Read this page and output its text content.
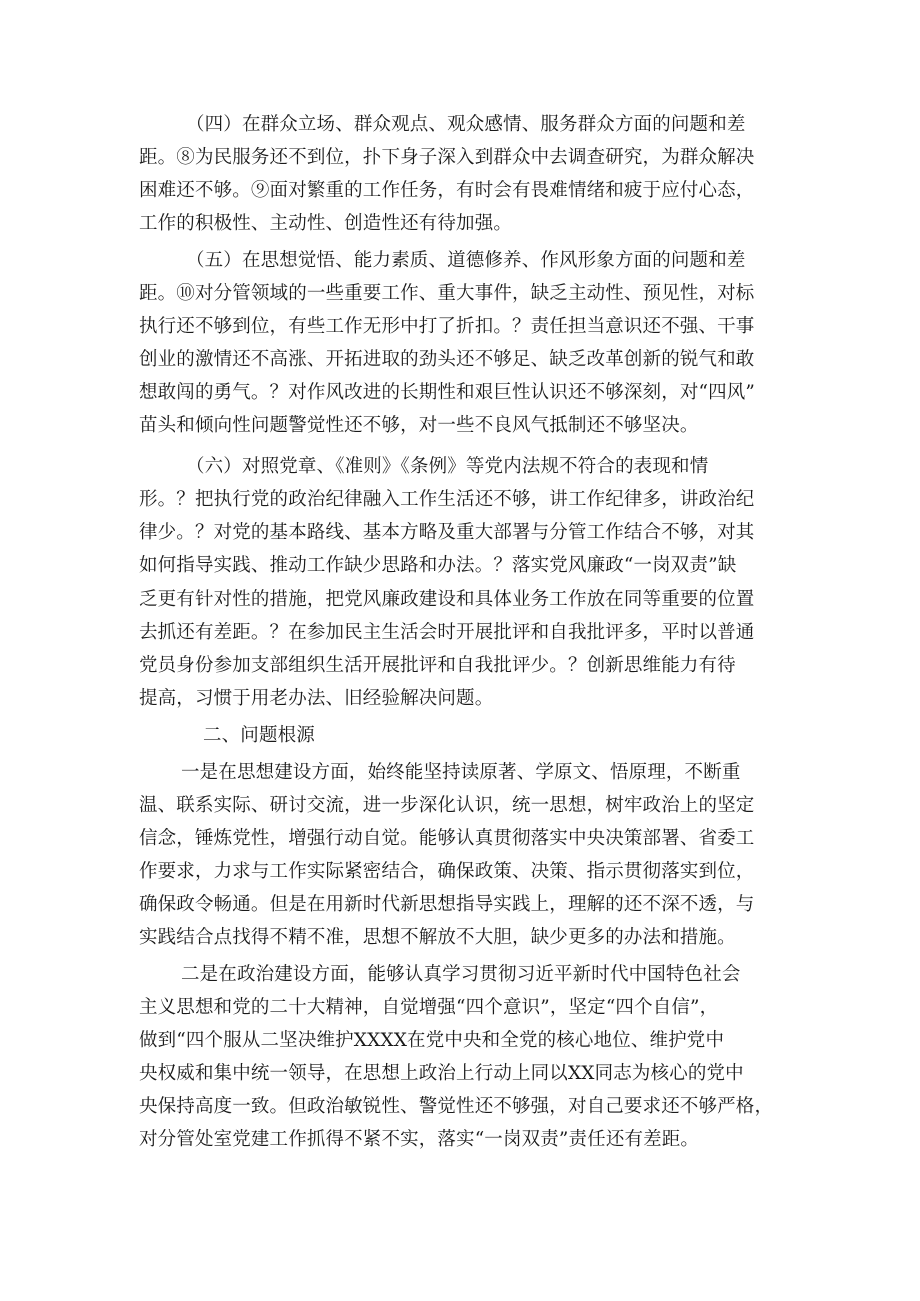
（四）在群众立场、群众观点、观众感情、服务群众方面的问题和差
距。⑧为民服务还不到位，扑下身子深入到群众中去调查研究，为群众解决
困难还不够。⑨面对繁重的工作任务，有时会有畏难情绪和疲于应付心态，
工作的积极性、主动性、创造性还有待加强。
（五）在思想觉悟、能力素质、道德修养、作风形象方面的问题和差
距。⑩对分管领域的一些重要工作、重大事件，缺乏主动性、预见性，对标
执行还不够到位，有些工作无形中打了折扣。？责任担当意识还不强、干事
创业的激情还不高涨、开拓进取的劲头还不够足、缺乏改革创新的锐气和敢
想敢闯的勇气。？对作风改进的长期性和艰巨性认识还不够深刻，对“四风”
苗头和倾向性问题警觉性还不够，对一些不良风气抵制还不够坚决。
（六）对照党章、《准则》《条例》等党内法规不符合的表现和情
形。？把执行党的政治纪律融入工作生活还不够，讲工作纪律多，讲政治纪
律少。？对党的基本路线、基本方略及重大部署与分管工作结合不够，对其
如何指导实践、推动工作缺少思路和办法。？落实党风廉政“一岗双责”缺
乏更有针对性的措施，把党风廉政建设和具体业务工作放在同等重要的位置
去抓还有差距。？在参加民主生活会时开展批评和自我批评多，平时以普通
党员身份参加支部组织生活开展批评和自我批评少。？创新思维能力有待
提高，习惯于用老办法、旧经验解决问题。
二、问题根源
一是在思想建设方面，始终能坚持读原著、学原文、悟原理，不断重
温、联系实际、研讨交流，进一步深化认识，统一思想，树牢政治上的坚定
信念，锤炼党性，增强行动自觉。能够认真贯彻落实中央决策部署、省委工
作要求，力求与工作实际紧密结合，确保政策、决策、指示贯彻落实到位，
确保政令畅通。但是在用新时代新思想指导实践上，理解的还不深不透，与
实践结合点找得不精不准，思想不解放不大胆，缺少更多的办法和措施。
二是在政治建设方面，能够认真学习贯彻习近平新时代中国特色社会
主义思想和党的二十大精神，自觉增强“四个意识”，坚定“四个自信”，
做到“四个服从二坚决维护XXXX在党中央和全党的核心地位、维护党中
央权威和集中统一领导，在思想上政治上行动上同以XX同志为核心的党中
央保持高度一致。但政治敏锐性、警觉性还不够强，对自己要求还不够严格，
对分管处室党建工作抓得不紧不实，落实“一岗双责”责任还有差距。
